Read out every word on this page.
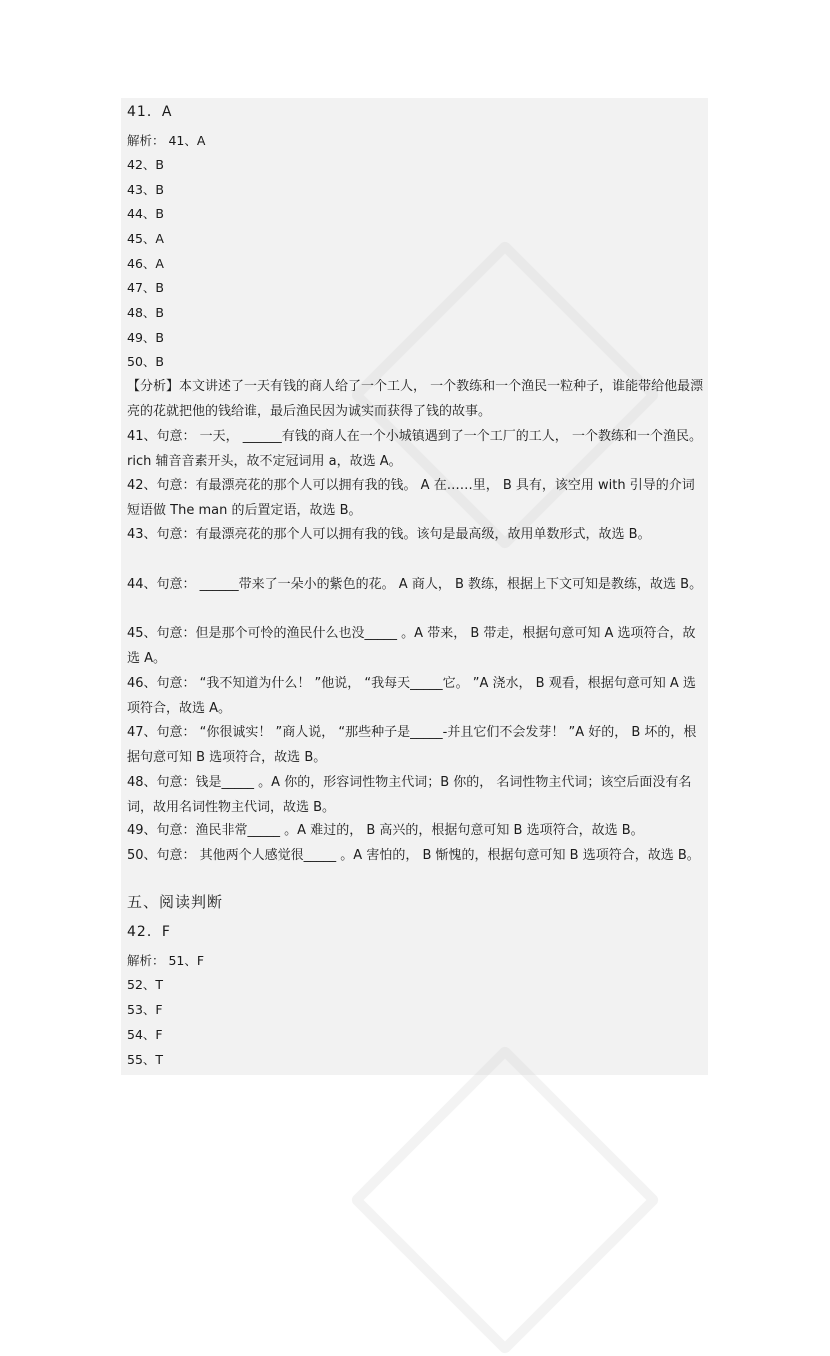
41．A
解析： 41、A
42、B
43、B
44、B
45、A
46、A
47、B
48、B
49、B
50、B
【分析】本文讲述了一天有钱的商人给了一个工人， 一个教练和一个渔民一粒种子，谁能带给他最漂亮的花就把他的钱给谁，最后渔民因为诚实而获得了钱的故事。
41、句意： 一天， ______有钱的商人在一个小城镇遇到了一个工厂的工人， 一个教练和一个渔民。 rich 辅音音素开头，故不定冠词用 a，故选 A。
42、句意：有最漂亮花的那个人可以拥有我的钱。 A 在……里， B 具有，该空用 with 引导的介词短语做 The man 的后置定语，故选 B。
43、句意：有最漂亮花的那个人可以拥有我的钱。该句是最高级，故用单数形式，故选 B。
44、句意： ______带来了一朵小的紫色的花。 A 商人， B 教练，根据上下文可知是教练，故选 B。
45、句意：但是那个可怜的渔民什么也没_____ 。A 带来， B 带走，根据句意可知 A 选项符合，故选 A。
46、句意： “我不知道为什么！ ”他说， “我每天_____它。 ”A 浇水， B 观看，根据句意可知 A 选项符合，故选 A。
47、句意： “你很诚实！ ”商人说， “那些种子是_____-并且它们不会发芽！ ”A 好的， B 坏的，根据句意可知 B 选项符合，故选 B。
48、句意：钱是_____ 。A 你的，形容词性物主代词；B 你的， 名词性物主代词；该空后面没有名词，故用名词性物主代词，故选 B。
49、句意：渔民非常_____ 。A 难过的， B 高兴的，根据句意可知 B 选项符合，故选 B。
50、句意： 其他两个人感觉很_____ 。A 害怕的， B 惭愧的，根据句意可知 B 选项符合，故选 B。
五、阅读判断
42．F
解析： 51、F
52、T
53、F
54、F
55、T
